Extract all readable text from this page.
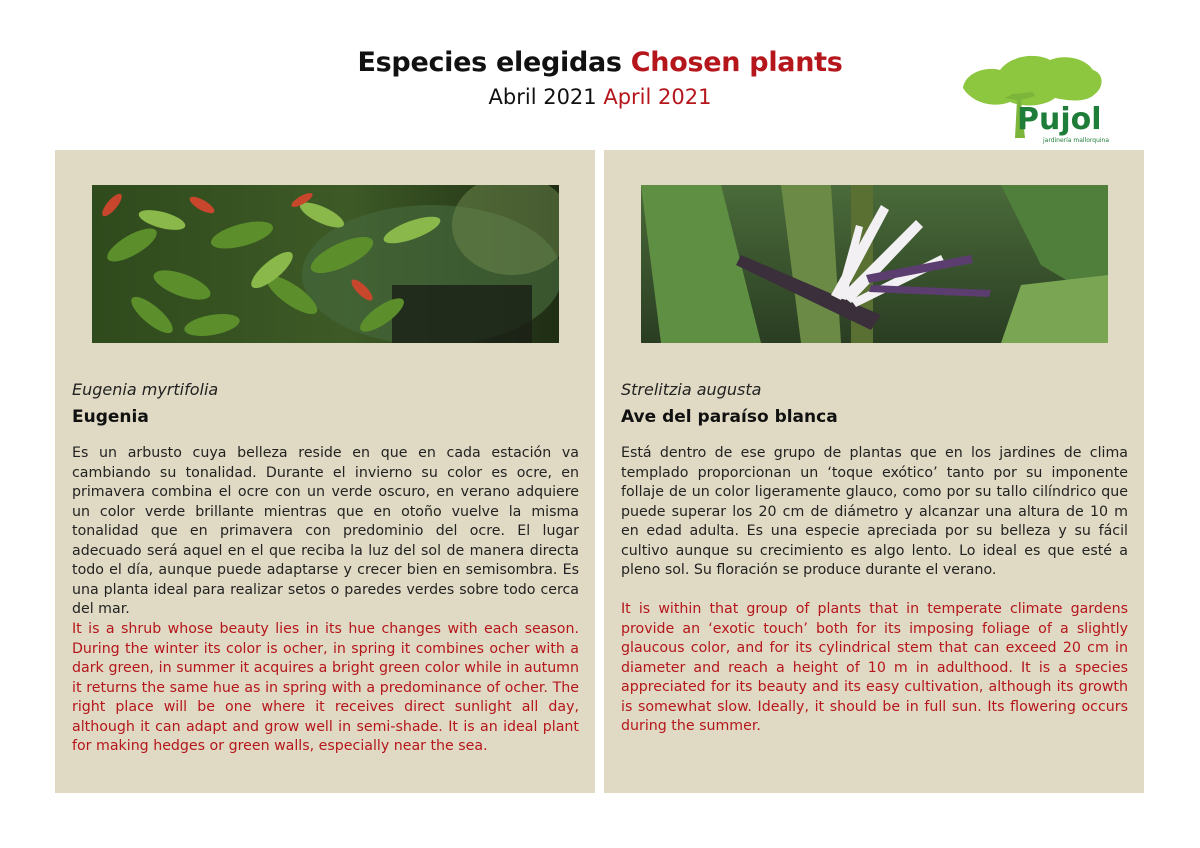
Especies elegidas Chosen plants
Abril 2021 April 2021
Pujol
jardinería mallorquina
Eugenia myrtifolia
Eugenia
Es un arbusto cuya belleza reside en que en cada estación va cambiando su tonalidad. Durante el invierno su color es ocre, en primavera combina el ocre con un verde oscuro, en verano adquiere un color verde brillante mientras que en otoño vuelve la misma tonalidad que en primavera con predominio del ocre. El lugar adecuado será aquel en el que reciba la luz del sol de manera directa todo el día, aunque puede adaptarse y crecer bien en semisombra. Es una planta ideal para realizar setos o paredes verdes sobre todo cerca del mar.
It is a shrub whose beauty lies in its hue changes with each season. During the winter its color is ocher, in spring it combines ocher with a dark green, in summer it acquires a bright green color while in autumn it returns the same hue as in spring with a predominance of ocher. The right place will be one where it receives direct sunlight all day, although it can adapt and grow well in semi-shade. It is an ideal plant for making hedges or green walls, especially near the sea.
Strelitzia augusta
Ave del paraíso blanca
Está dentro de ese grupo de plantas que en los jardines de clima templado proporcionan un ‘toque exótico’ tanto por su imponente follaje de un color ligeramente glauco, como por su tallo cilíndrico que puede superar los 20 cm de diámetro y alcanzar una altura de 10 m en edad adulta. Es una especie apreciada por su belleza y su fácil cultivo aunque su crecimiento es algo lento. Lo ideal es que esté a pleno sol. Su floración se produce durante el verano.
It is within that group of plants that in temperate climate gardens provide an ‘exotic touch’ both for its imposing foliage of a slightly glaucous color, and for its cylindrical stem that can exceed 20 cm in diameter and reach a height of 10 m in adulthood. It is a species appreciated for its beauty and its easy cultivation, although its growth is somewhat slow. Ideally, it should be in full sun. Its flowering occurs during the summer.
